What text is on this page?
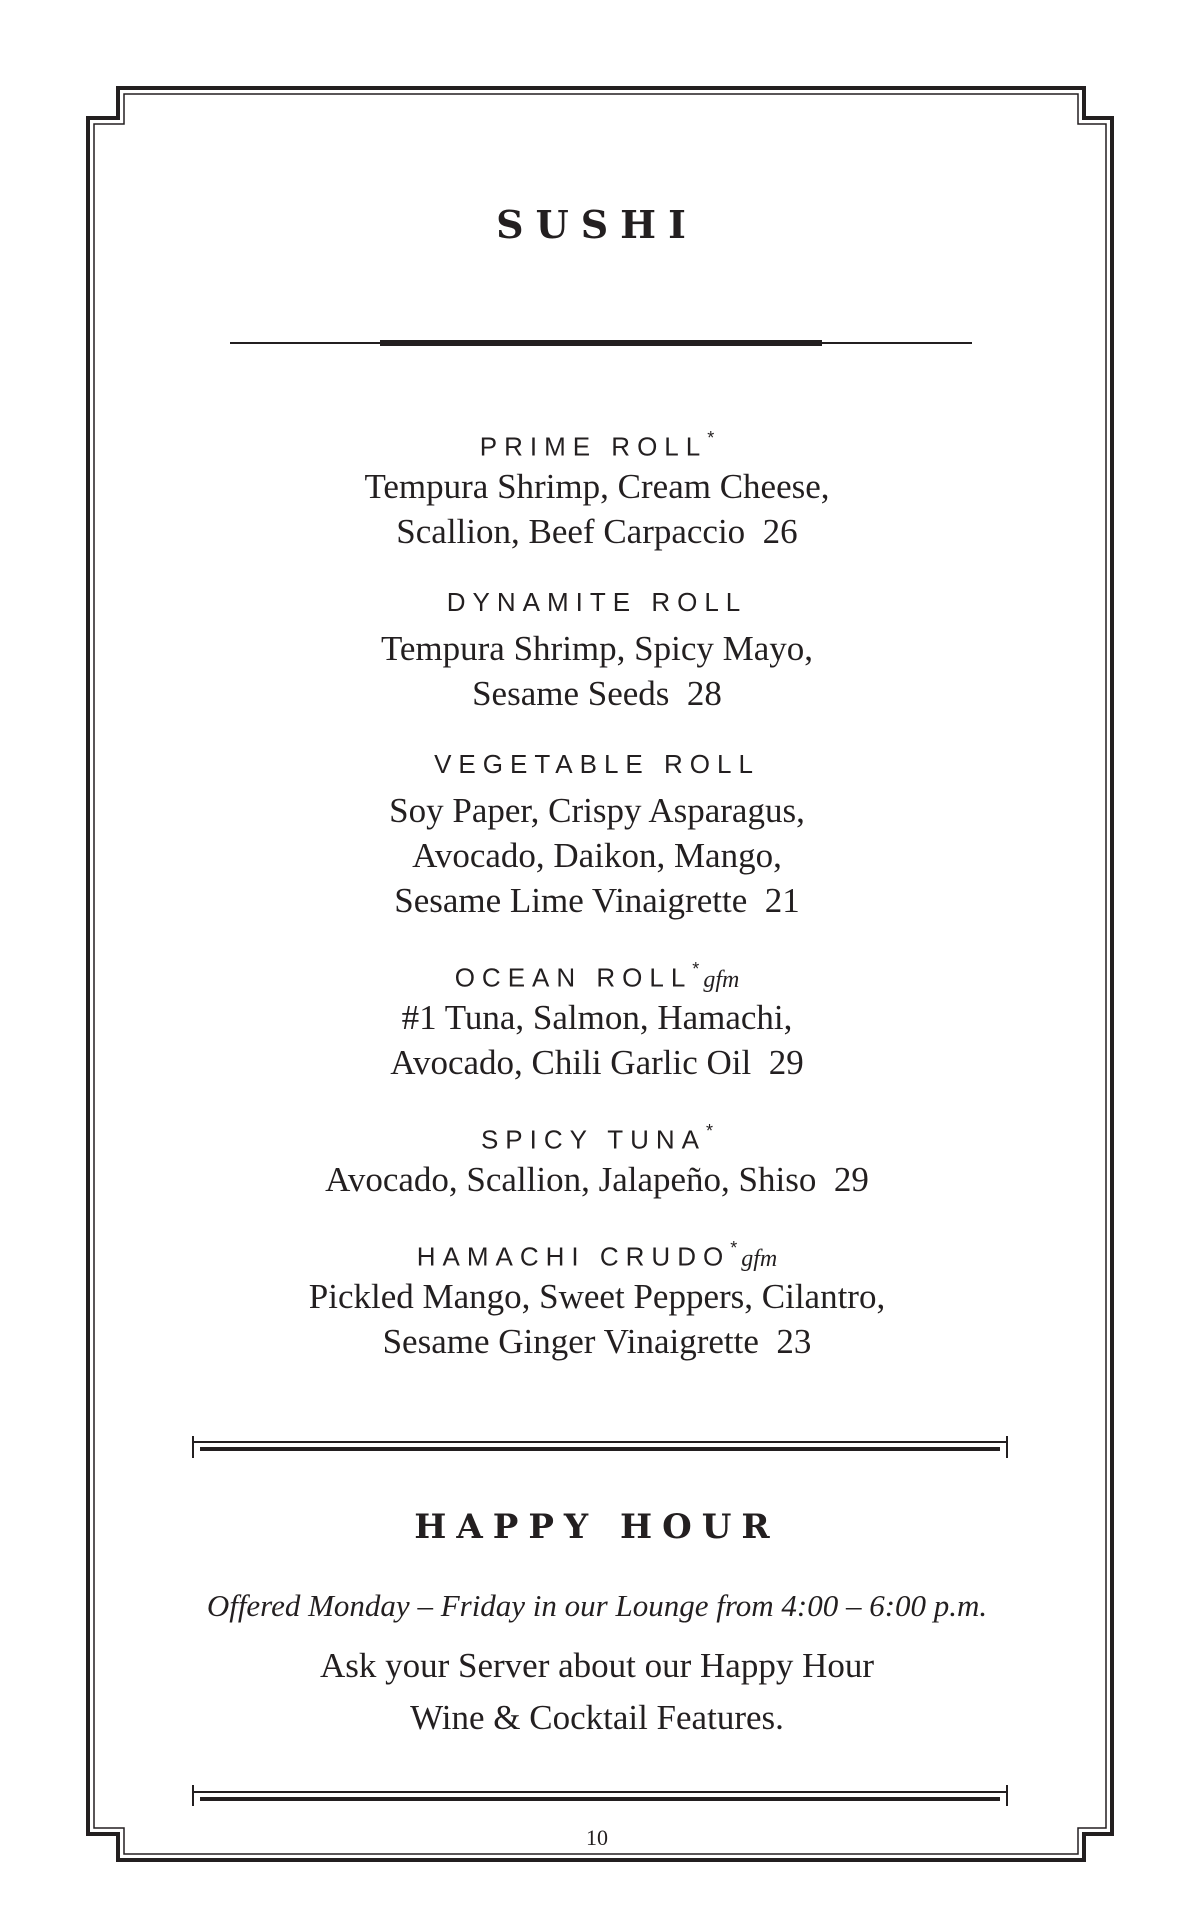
SUSHI
PRIME ROLL*
Tempura Shrimp, Cream Cheese,
Scallion, Beef Carpaccio  26
DYNAMITE ROLL
Tempura Shrimp, Spicy Mayo,
Sesame Seeds  28
VEGETABLE ROLL
Soy Paper, Crispy Asparagus,
Avocado, Daikon, Mango,
Sesame Lime Vinaigrette  21
OCEAN ROLL* gfm
#1 Tuna, Salmon, Hamachi,
Avocado, Chili Garlic Oil  29
SPICY TUNA*
Avocado, Scallion, Jalapeño, Shiso  29
HAMACHI CRUDO* gfm
Pickled Mango, Sweet Peppers, Cilantro,
Sesame Ginger Vinaigrette  23
HAPPY HOUR
Offered Monday – Friday in our Lounge from 4:00 – 6:00 p.m.
Ask your Server about our Happy Hour
Wine & Cocktail Features.
10
